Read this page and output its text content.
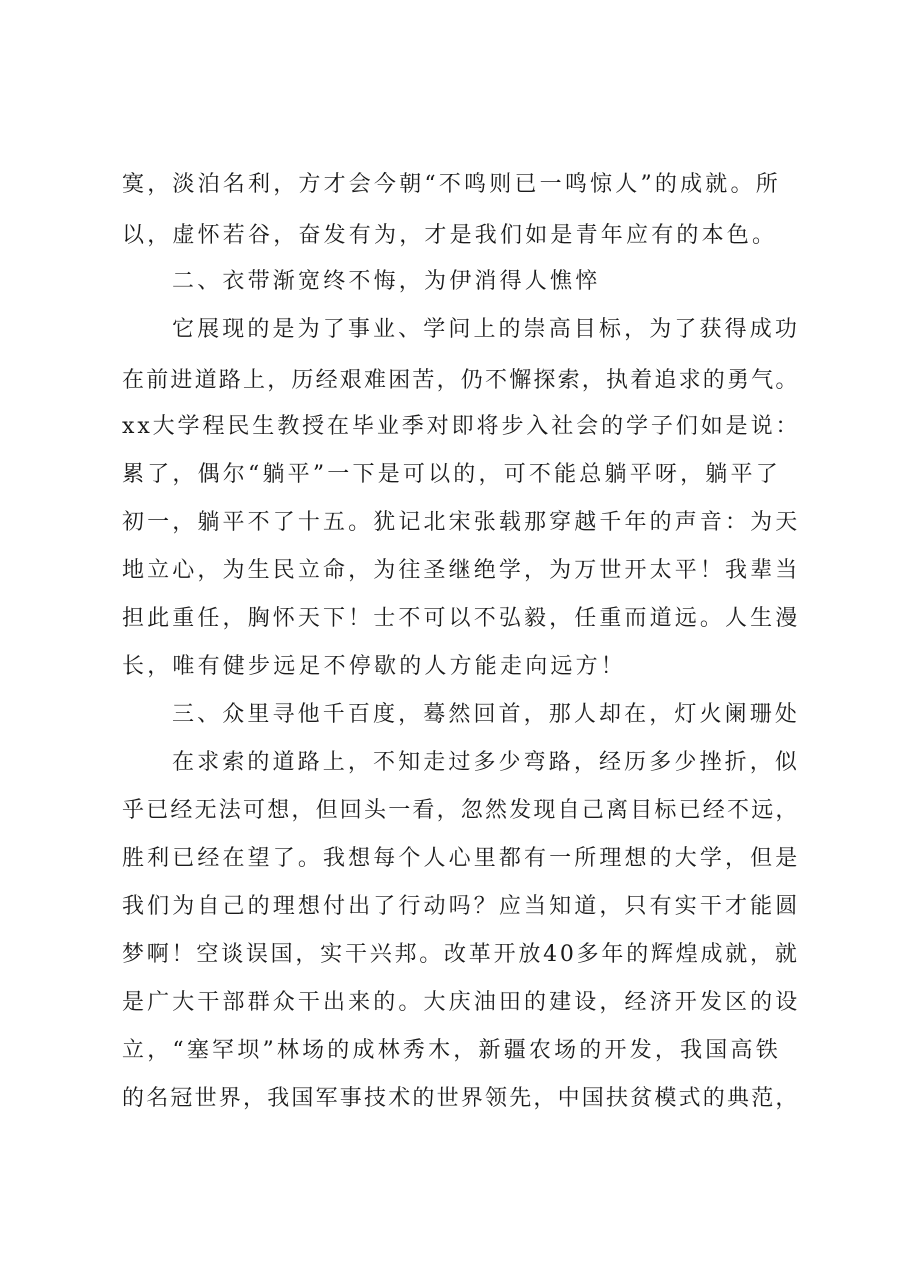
寞，淡泊名利，方才会今朝“不鸣则已一鸣惊人”的成就。所
以，虚怀若谷，奋发有为，才是我们如是青年应有的本色。
二、衣带渐宽终不悔，为伊消得人憔悴
它展现的是为了事业、学问上的崇高目标，为了获得成功
在前进道路上，历经艰难困苦，仍不懈探索，执着追求的勇气。
xx大学程民生教授在毕业季对即将步入社会的学子们如是说：
累了，偶尔“躺平”一下是可以的，可不能总躺平呀，躺平了
初一，躺平不了十五。犹记北宋张载那穿越千年的声音：为天
地立心，为生民立命，为往圣继绝学，为万世开太平！我辈当
担此重任，胸怀天下！士不可以不弘毅，任重而道远。人生漫
长，唯有健步远足不停歇的人方能走向远方！
三、众里寻他千百度，蓦然回首，那人却在，灯火阑珊处
在求索的道路上，不知走过多少弯路，经历多少挫折，似
乎已经无法可想，但回头一看，忽然发现自己离目标已经不远，
胜利已经在望了。我想每个人心里都有一所理想的大学，但是
我们为自己的理想付出了行动吗？应当知道，只有实干才能圆
梦啊！空谈误国，实干兴邦。改革开放40多年的辉煌成就，就
是广大干部群众干出来的。大庆油田的建设，经济开发区的设
立，“塞罕坝”林场的成林秀木，新疆农场的开发，我国高铁
的名冠世界，我国军事技术的世界领先，中国扶贫模式的典范，
